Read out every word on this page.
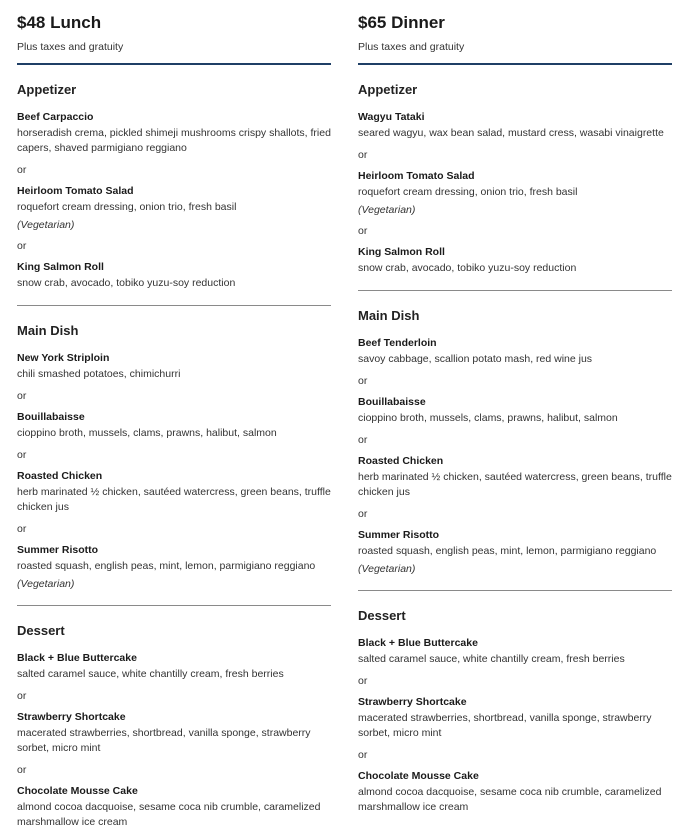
$48 Lunch

Plus taxes and gratuity

Appetizer

Beef Carpaccio

horseradish crema, pickled shimeji mushrooms crispy shallots, fried capers, shaved parmigiano reggiano

or

Heirloom Tomato Salad

roquefort cream dressing, onion trio, fresh basil

(Vegetarian)

or

King Salmon Roll

snow crab, avocado, tobiko yuzu-soy reduction

Main Dish

New York Striploin

chili smashed potatoes, chimichurri

or

Bouillabaisse

cioppino broth, mussels, clams, prawns, halibut, salmon

or

Roasted Chicken

herb marinated ½ chicken, sautéed watercress, green beans, truffle chicken jus

or

Summer Risotto

roasted squash, english peas, mint, lemon, parmigiano reggiano

(Vegetarian)

Dessert

Black + Blue Buttercake

salted caramel sauce, white chantilly cream, fresh berries

or

Strawberry Shortcake

macerated strawberries, shortbread, vanilla sponge, strawberry sorbet, micro mint

or

Chocolate Mousse Cake

almond cocoa dacquoise, sesame coca nib crumble, caramelized marshmallow ice cream

$65 Dinner

Plus taxes and gratuity

Appetizer

Wagyu Tataki

seared wagyu, wax bean salad, mustard cress, wasabi vinaigrette

or

Heirloom Tomato Salad

roquefort cream dressing, onion trio, fresh basil

(Vegetarian)

or

King Salmon Roll

snow crab, avocado, tobiko yuzu-soy reduction

Main Dish

Beef Tenderloin

savoy cabbage, scallion potato mash, red wine jus

or

Bouillabaisse

cioppino broth, mussels, clams, prawns, halibut, salmon

or

Roasted Chicken

herb marinated ½ chicken, sautéed watercress, green beans, truffle chicken jus

or

Summer Risotto

roasted squash, english peas, mint, lemon, parmigiano reggiano

(Vegetarian)

Dessert

Black + Blue Buttercake

salted caramel sauce, white chantilly cream, fresh berries

or

Strawberry Shortcake

macerated strawberries, shortbread, vanilla sponge, strawberry sorbet, micro mint

or

Chocolate Mousse Cake

almond cocoa dacquoise, sesame coca nib crumble, caramelized marshmallow ice cream
